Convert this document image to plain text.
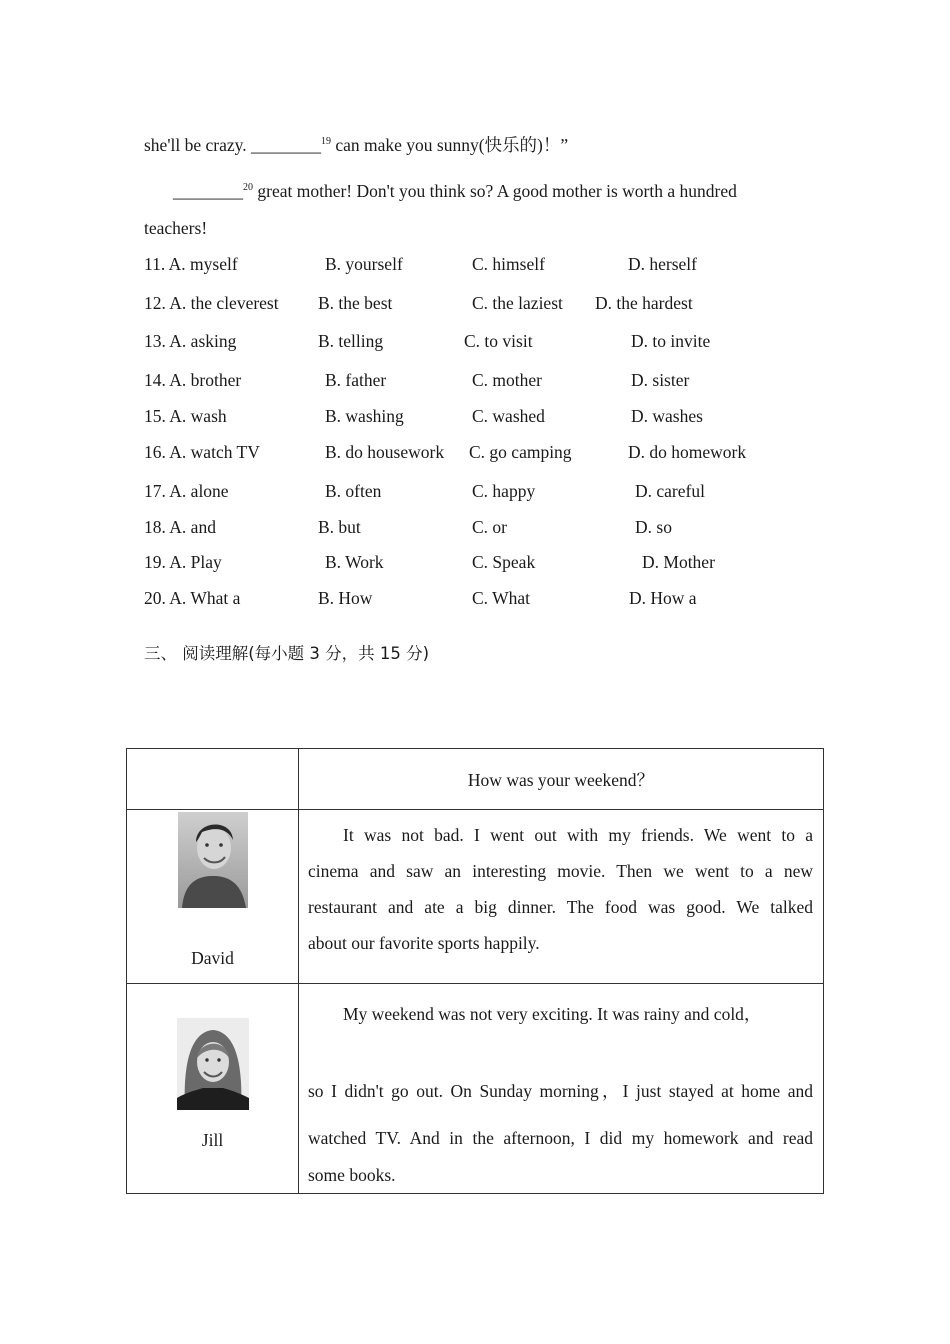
she'll be crazy. ________$^{19}$ can make you sunny(快乐的)！”
________$^{20}$ great mother! Don't you think so? A good mother is worth a hundred
teachers!
11. A. myself	B. yourself	C. himself	D. herself
12. A. the cleverest B. the best	C. the laziest D. the hardest
13. A. asking	B. telling	C. to visit	D. to invite
14. A. brother	B. father	C. mother	D. sister
15. A. wash	B. washing	C. washed	D. washes
16. A. watch TV	B. do housework C. go camping	D. do homework
17. A. alone	B. often	C. happy	D. careful
18. A. and	B. but	C. or	D. so
19. A. Play	B. Work	C. Speak	D. Mother
20. A. What a	B. How	C. What	D. How a
三、 阅读理解(每小题 3 分，共 15 分)
	How was your weekend？

David	It was not bad. I went out with my friends. We went to a
cinema and saw an interesting movie. Then we went to a new
restaurant and ate a big dinner. The food was good. We talked
about our favorite sports happily.

Jill	My weekend was not very exciting. It was rainy and cold，
so I didn't go out. On Sunday morning，I just stayed at home and
watched TV. And in the afternoon, I did my homework and read
some books.
